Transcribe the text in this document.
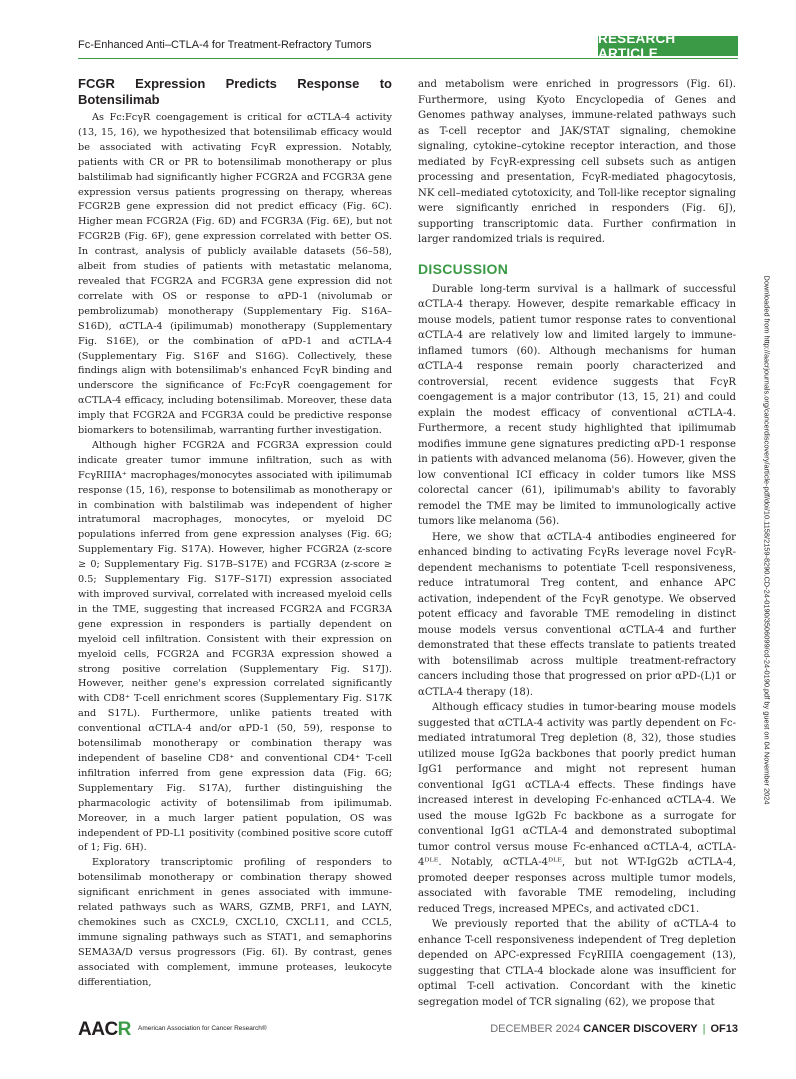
Fc-Enhanced Anti–CTLA-4 for Treatment-Refractory Tumors	RESEARCH ARTICLE
FCGR Expression Predicts Response to Botensilimab

As Fc:FcγR coengagement is critical for αCTLA-4 activity (13, 15, 16), we hypothesized that botensilimab efficacy would be associated with activating FcγR expression. Notably, patients with CR or PR to botensilimab monotherapy or plus balstilimab had significantly higher FCGR2A and FCGR3A gene expression versus patients progressing on therapy, whereas FCGR2B gene expression did not predict efficacy (Fig. 6C). Higher mean FCGR2A (Fig. 6D) and FCGR3A (Fig. 6E), but not FCGR2B (Fig. 6F), gene expression correlated with better OS. In contrast, analysis of publicly available datasets (56–58), albeit from studies of patients with metastatic melanoma, revealed that FCGR2A and FCGR3A gene expression did not correlate with OS or response to αPD-1 (nivolumab or pembrolizumab) monotherapy (Supplementary Fig. S16A–S16D), αCTLA-4 (ipilimumab) monotherapy (Supplementary Fig. S16E), or the combination of αPD-1 and αCTLA-4 (Supplementary Fig. S16F and S16G). Collectively, these findings align with botensilimab's enhanced FcγR binding and underscore the significance of Fc:FcγR coengagement for αCTLA-4 efficacy, including botensilimab. Moreover, these data imply that FCGR2A and FCGR3A could be predictive response biomarkers to botensilimab, warranting further investigation.

Although higher FCGR2A and FCGR3A expression could indicate greater tumor immune infiltration, such as with FcγRIIIA⁺ macrophages/monocytes associated with ipilimumab response (15, 16), response to botensilimab as monotherapy or in combination with balstilimab was independent of higher intratumoral macrophages, monocytes, or myeloid DC populations inferred from gene expression analyses (Fig. 6G; Supplementary Fig. S17A). However, higher FCGR2A (z-score ≥ 0; Supplementary Fig. S17B–S17E) and FCGR3A (z-score ≥ 0.5; Supplementary Fig. S17F–S17I) expression associated with improved survival, correlated with increased myeloid cells in the TME, suggesting that increased FCGR2A and FCGR3A gene expression in responders is partially dependent on myeloid cell infiltration. Consistent with their expression on myeloid cells, FCGR2A and FCGR3A expression showed a strong positive correlation (Supplementary Fig. S17J). However, neither gene's expression correlated significantly with CD8⁺ T-cell enrichment scores (Supplementary Fig. S17K and S17L). Furthermore, unlike patients treated with conventional αCTLA-4 and/or αPD-1 (50, 59), response to botensilimab monotherapy or combination therapy was independent of baseline CD8⁺ and conventional CD4⁺ T-cell infiltration inferred from gene expression data (Fig. 6G; Supplementary Fig. S17A), further distinguishing the pharmacologic activity of botensilimab from ipilimumab. Moreover, in a much larger patient population, OS was independent of PD-L1 positivity (combined positive score cutoff of 1; Fig. 6H).

Exploratory transcriptomic profiling of responders to botensilimab monotherapy or combination therapy showed significant enrichment in genes associated with immune-related pathways such as WARS, GZMB, PRF1, and LAYN, chemokines such as CXCL9, CXCL10, CXCL11, and CCL5, immune signaling pathways such as STAT1, and semaphorins SEMA3A/D versus progressors (Fig. 6I). By contrast, genes associated with complement, immune proteases, leukocyte differentiation,

and metabolism were enriched in progressors (Fig. 6I). Furthermore, using Kyoto Encyclopedia of Genes and Genomes pathway analyses, immune-related pathways such as T-cell receptor and JAK/STAT signaling, chemokine signaling, cytokine–cytokine receptor interaction, and those mediated by FcγR-expressing cell subsets such as antigen processing and presentation, FcγR-mediated phagocytosis, NK cell–mediated cytotoxicity, and Toll-like receptor signaling were significantly enriched in responders (Fig. 6J), supporting transcriptomic data. Further confirmation in larger randomized trials is required.

DISCUSSION

Durable long-term survival is a hallmark of successful αCTLA-4 therapy. However, despite remarkable efficacy in mouse models, patient tumor response rates to conventional αCTLA-4 are relatively low and limited largely to immune-inflamed tumors (60). Although mechanisms for human αCTLA-4 response remain poorly characterized and controversial, recent evidence suggests that FcγR coengagement is a major contributor (13, 15, 21) and could explain the modest efficacy of conventional αCTLA-4. Furthermore, a recent study highlighted that ipilimumab modifies immune gene signatures predicting αPD-1 response in patients with advanced melanoma (56). However, given the low conventional ICI efficacy in colder tumors like MSS colorectal cancer (61), ipilimumab's ability to favorably remodel the TME may be limited to immunologically active tumors like melanoma (56).

Here, we show that αCTLA-4 antibodies engineered for enhanced binding to activating FcγRs leverage novel FcγR-dependent mechanisms to potentiate T-cell responsiveness, reduce intratumoral Treg content, and enhance APC activation, independent of the FcγR genotype. We observed potent efficacy and favorable TME remodeling in distinct mouse models versus conventional αCTLA-4 and further demonstrated that these effects translate to patients treated with botensilimab across multiple treatment-refractory cancers including those that progressed on prior αPD-(L)1 or αCTLA-4 therapy (18).

Although efficacy studies in tumor-bearing mouse models suggested that αCTLA-4 activity was partly dependent on Fc-mediated intratumoral Treg depletion (8, 32), those studies utilized mouse IgG2a backbones that poorly predict human IgG1 performance and might not represent human conventional IgG1 αCTLA-4 effects. These findings have increased interest in developing Fc-enhanced αCTLA-4. We used the mouse IgG2b Fc backbone as a surrogate for conventional IgG1 αCTLA-4 and demonstrated suboptimal tumor control versus mouse Fc-enhanced αCTLA-4, αCTLA-4ᴰᴸᴱ. Notably, αCTLA-4ᴰᴸᴱ, but not WT-IgG2b αCTLA-4, promoted deeper responses across multiple tumor models, associated with favorable TME remodeling, including reduced Tregs, increased MPECs, and activated cDC1.

We previously reported that the ability of αCTLA-4 to enhance T-cell responsiveness independent of Treg depletion depended on APC-expressed FcγRIIIA coengagement (13), suggesting that CTLA-4 blockade alone was insufficient for optimal T-cell activation. Concordant with the kinetic segregation model of TCR signaling (62), we propose that

Downloaded from http://aacrjournals.org/cancerdiscovery/article-pdf/doi/10.1158/2159-8290.CD-24-0190/3506099/cd-24-0190.pdf by guest on 04 November 2024
AACR American Association for Cancer Research®	DECEMBER 2024 CANCER DISCOVERY | OF13
